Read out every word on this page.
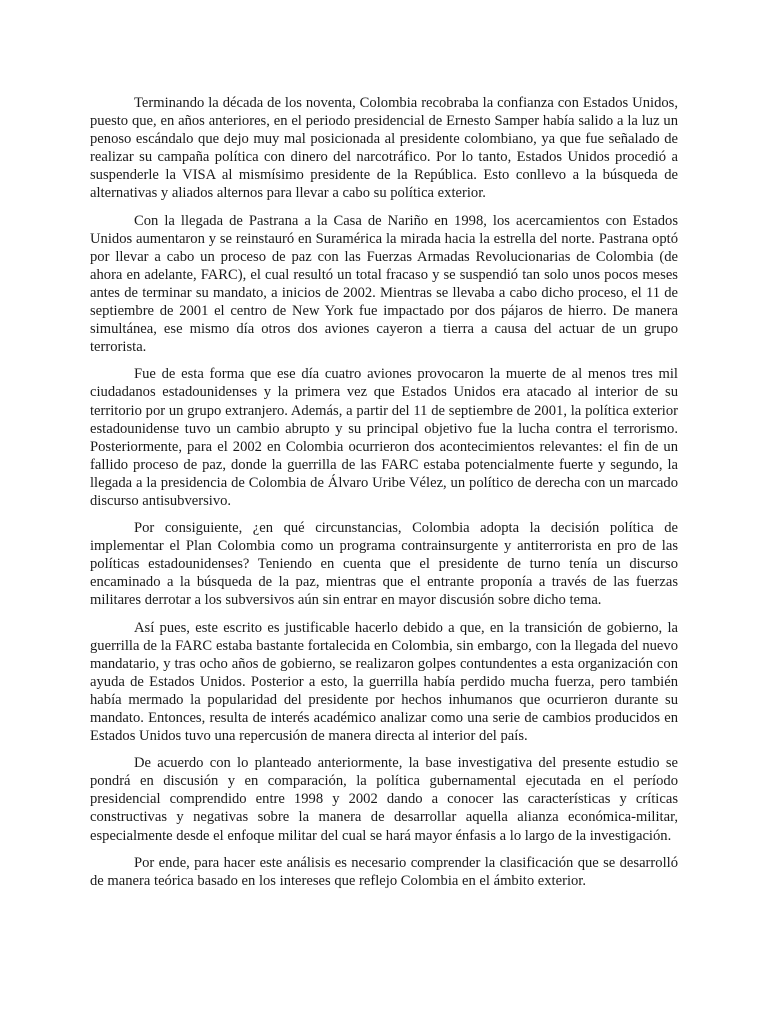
Terminando la década de los noventa, Colombia recobraba la confianza con Estados Unidos, puesto que, en años anteriores, en el periodo presidencial de Ernesto Samper había salido a la luz un penoso escándalo que dejo muy mal posicionada al presidente colombiano, ya que fue señalado de realizar su campaña política con dinero del narcotráfico. Por lo tanto, Estados Unidos procedió a suspenderle la VISA al mismísimo presidente de la República. Esto conllevo a la búsqueda de alternativas y aliados alternos para llevar a cabo su política exterior.

Con la llegada de Pastrana a la Casa de Nariño en 1998, los acercamientos con Estados Unidos aumentaron y se reinstauró en Suramérica la mirada hacia la estrella del norte. Pastrana optó por llevar a cabo un proceso de paz con las Fuerzas Armadas Revolucionarias de Colombia (de ahora en adelante, FARC), el cual resultó un total fracaso y se suspendió tan solo unos pocos meses antes de terminar su mandato, a inicios de 2002. Mientras se llevaba a cabo dicho proceso, el 11 de septiembre de 2001 el centro de New York fue impactado por dos pájaros de hierro. De manera simultánea, ese mismo día otros dos aviones cayeron a tierra a causa del actuar de un grupo terrorista.

Fue de esta forma que ese día cuatro aviones provocaron la muerte de al menos tres mil ciudadanos estadounidenses y la primera vez que Estados Unidos era atacado al interior de su territorio por un grupo extranjero. Además, a partir del 11 de septiembre de 2001, la política exterior estadounidense tuvo un cambio abrupto y su principal objetivo fue la lucha contra el terrorismo. Posteriormente, para el 2002 en Colombia ocurrieron dos acontecimientos relevantes: el fin de un fallido proceso de paz, donde la guerrilla de las FARC estaba potencialmente fuerte y segundo, la llegada a la presidencia de Colombia de Álvaro Uribe Vélez, un político de derecha con un marcado discurso antisubversivo.

Por consiguiente, ¿en qué circunstancias, Colombia adopta la decisión política de implementar el Plan Colombia como un programa contrainsurgente y antiterrorista en pro de las políticas estadounidenses? Teniendo en cuenta que el presidente de turno tenía un discurso encaminado a la búsqueda de la paz, mientras que el entrante proponía a través de las fuerzas militares derrotar a los subversivos aún sin entrar en mayor discusión sobre dicho tema.

Así pues, este escrito es justificable hacerlo debido a que, en la transición de gobierno, la guerrilla de la FARC estaba bastante fortalecida en Colombia, sin embargo, con la llegada del nuevo mandatario, y tras ocho años de gobierno, se realizaron golpes contundentes a esta organización con ayuda de Estados Unidos. Posterior a esto, la guerrilla había perdido mucha fuerza, pero también había mermado la popularidad del presidente por hechos inhumanos que ocurrieron durante su mandato. Entonces, resulta de interés académico analizar como una serie de cambios producidos en Estados Unidos tuvo una repercusión de manera directa al interior del país.

De acuerdo con lo planteado anteriormente, la base investigativa del presente estudio se pondrá en discusión y en comparación, la política gubernamental ejecutada en el período presidencial comprendido entre 1998 y 2002 dando a conocer las características y críticas constructivas y negativas sobre la manera de desarrollar aquella alianza económica-militar, especialmente desde el enfoque militar del cual se hará mayor énfasis a lo largo de la investigación.

Por ende, para hacer este análisis es necesario comprender la clasificación que se desarrolló de manera teórica basado en los intereses que reflejo Colombia en el ámbito exterior.
